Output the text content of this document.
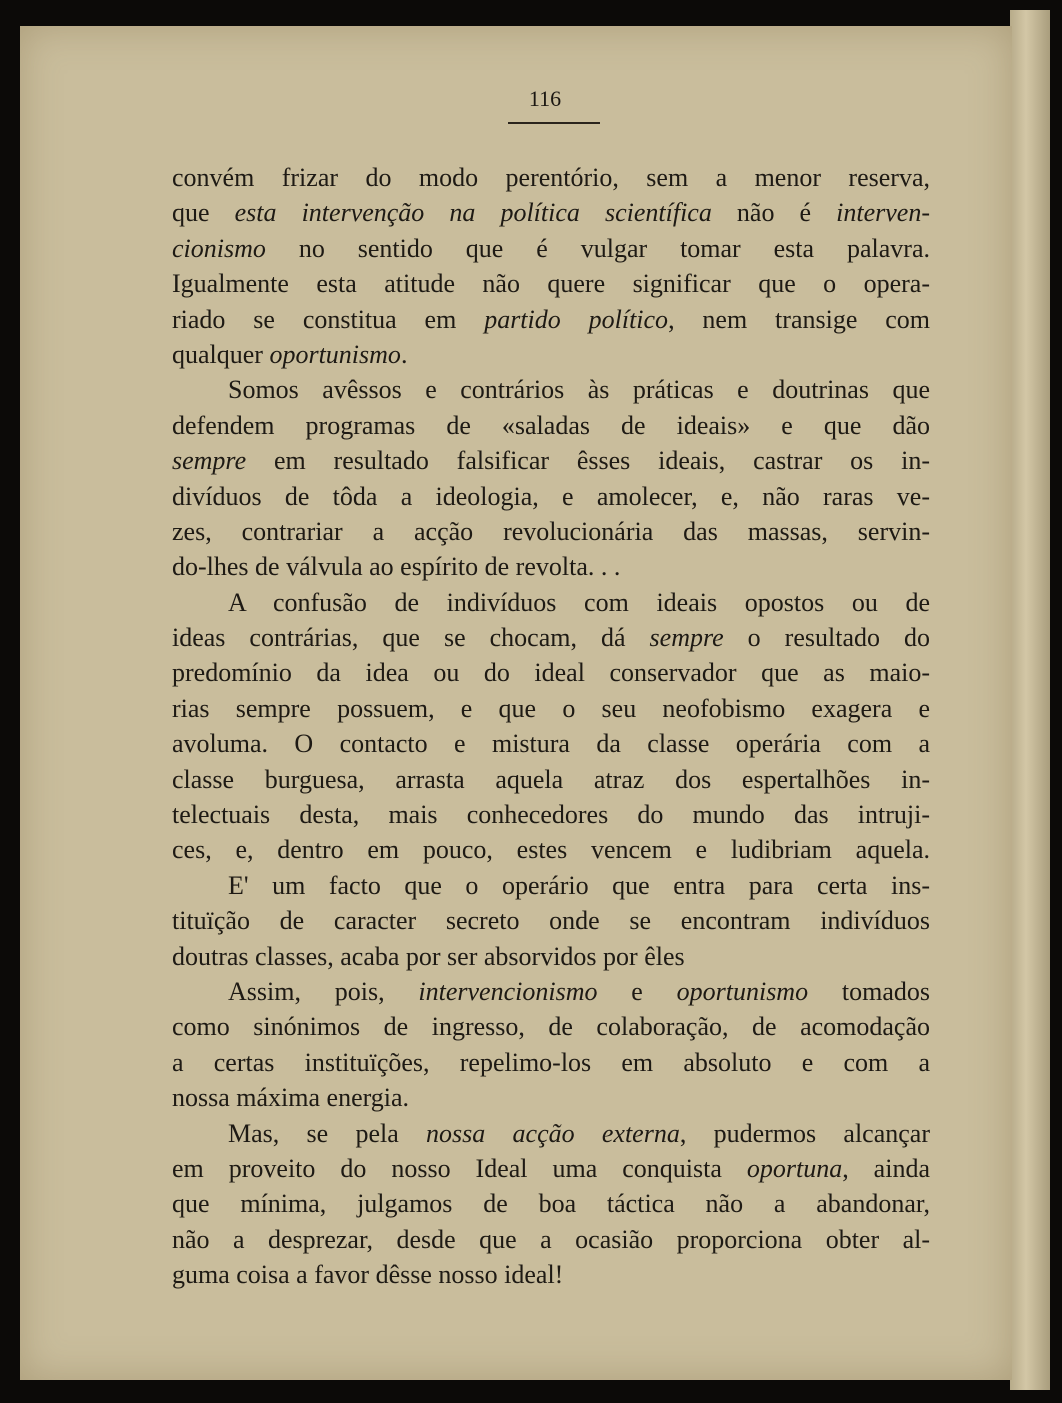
116
convém frizar do modo perentório, sem a menor reserva,
que esta intervenção na política scientífica não é interven-
cionismo no sentido que é vulgar tomar esta palavra.
Igualmente esta atitude não quere significar que o opera-
riado se constitua em partido político, nem transige com
qualquer oportunismo.
Somos avêssos e contrários às práticas e doutrinas que
defendem programas de «saladas de ideais» e que dão
sempre em resultado falsificar êsses ideais, castrar os in-
divíduos de tôda a ideologia, e amolecer, e, não raras ve-
zes, contrariar a acção revolucionária das massas, servin-
do-lhes de válvula ao espírito de revolta. . .
A confusão de indivíduos com ideais opostos ou de
ideas contrárias, que se chocam, dá sempre o resultado do
predomínio da idea ou do ideal conservador que as maio-
rias sempre possuem, e que o seu neofobismo exagera e
avoluma. O contacto e mistura da classe operária com a
classe burguesa, arrasta aquela atraz dos espertalhões in-
telectuais desta, mais conhecedores do mundo das intruji-
ces, e, dentro em pouco, estes vencem e ludibriam aquela.
E' um facto que o operário que entra para certa ins-
tituïção de caracter secreto onde se encontram indivíduos
doutras classes, acaba por ser absorvidos por êles
Assim, pois, intervencionismo e oportunismo tomados
como sinónimos de ingresso, de colaboração, de acomodação
a certas instituïções, repelimo-los em absoluto e com a
nossa máxima energia.
Mas, se pela nossa acção externa, pudermos alcançar
em proveito do nosso Ideal uma conquista oportuna, ainda
que mínima, julgamos de boa táctica não a abandonar,
não a desprezar, desde que a ocasião proporciona obter al-
guma coisa a favor dêsse nosso ideal!
